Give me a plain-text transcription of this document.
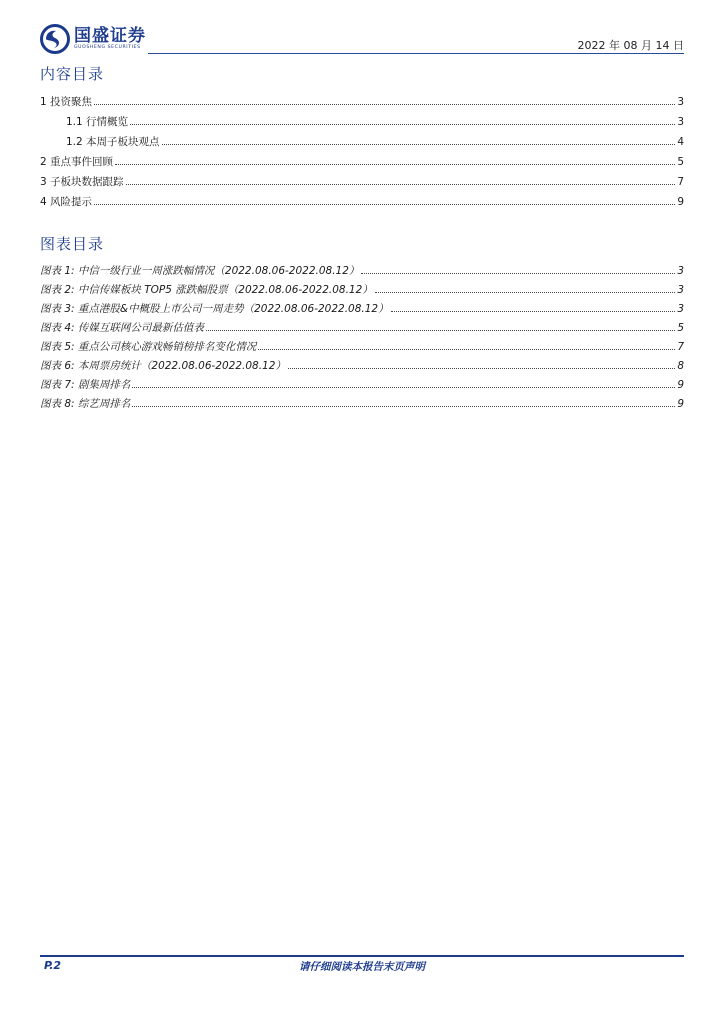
国盛证券
GUOSHENG SECURITIES	2022 年 08 月 14 日
内容目录
1 投资聚焦	3
1.1 行情概览	3
1.2 本周子板块观点	4
2 重点事件回顾	5
3 子板块数据跟踪	7
4 风险提示	9
图表目录
图表 1: 中信一级行业一周涨跌幅情况（2022.08.06-2022.08.12）	3
图表 2: 中信传媒板块 TOP5 涨跌幅股票（2022.08.06-2022.08.12）	3
图表 3: 重点港股&中概股上市公司一周走势（2022.08.06-2022.08.12）	3
图表 4: 传媒互联网公司最新估值表	5
图表 5: 重点公司核心游戏畅销榜排名变化情况	7
图表 6: 本周票房统计（2022.08.06-2022.08.12）	8
图表 7: 剧集周排名	9
图表 8: 综艺周排名	9
P.2	请仔细阅读本报告末页声明
